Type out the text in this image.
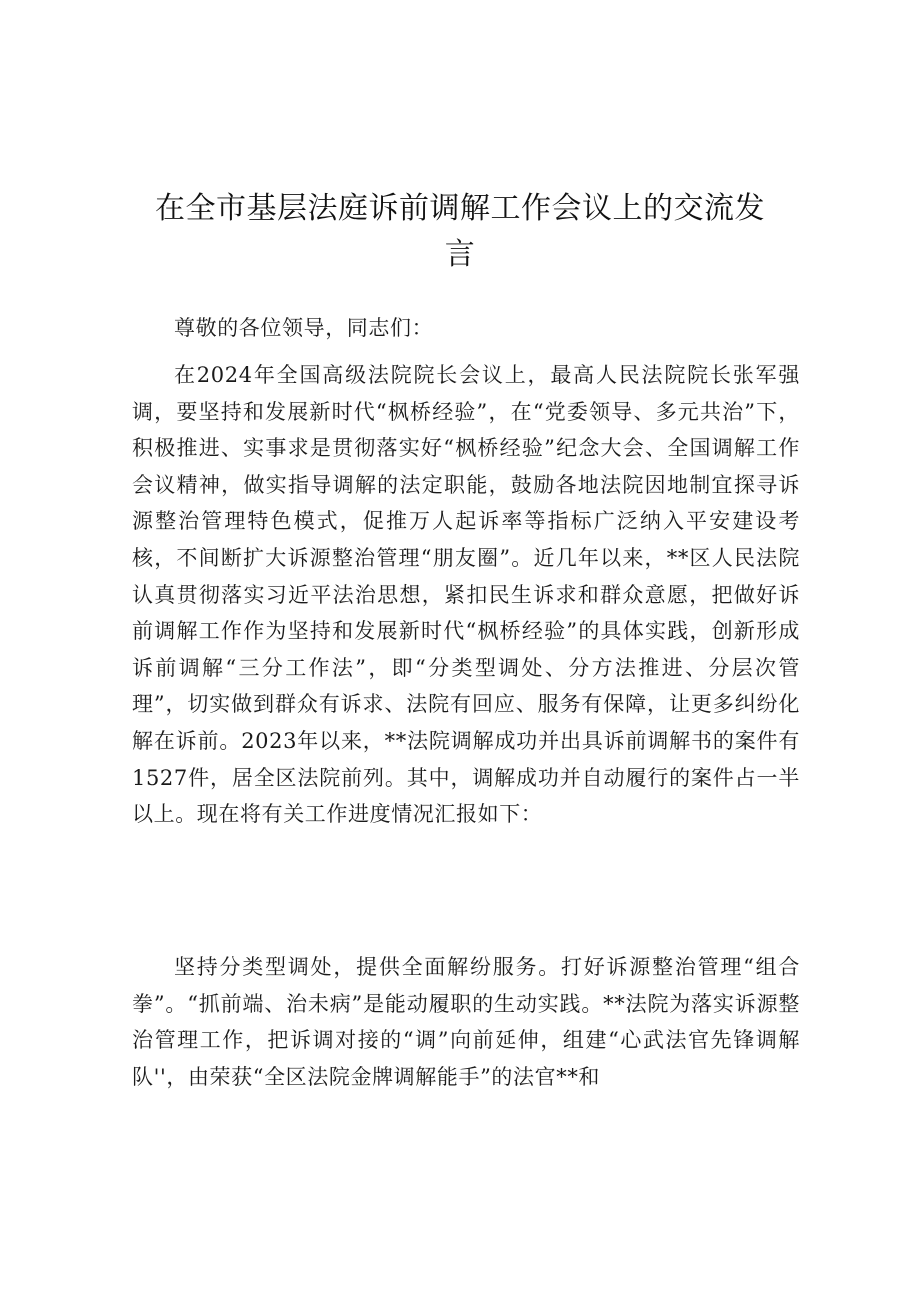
在全市基层法庭诉前调解工作会议上的交流发言

尊敬的各位领导，同志们：

在2024年全国高级法院院长会议上，最高人民法院院长张军强调，要坚持和发展新时代“枫桥经验”，在“党委领导、多元共治”下，积极推进、实事求是贯彻落实好“枫桥经验”纪念大会、全国调解工作会议精神，做实指导调解的法定职能，鼓励各地法院因地制宜探寻诉源整治管理特色模式，促推万人起诉率等指标广泛纳入平安建设考核，不间断扩大诉源整治管理“朋友圈”。近几年以来，**区人民法院认真贯彻落实习近平法治思想，紧扣民生诉求和群众意愿，把做好诉前调解工作作为坚持和发展新时代“枫桥经验”的具体实践，创新形成诉前调解“三分工作法”，即“分类型调处、分方法推进、分层次管理”，切实做到群众有诉求、法院有回应、服务有保障，让更多纠纷化解在诉前。2023年以来，**法院调解成功并出具诉前调解书的案件有1527件，居全区法院前列。其中，调解成功并自动履行的案件占一半以上。现在将有关工作进度情况汇报如下：

坚持分类型调处，提供全面解纷服务。打好诉源整治管理“组合拳”。“抓前端、治未病”是能动履职的生动实践。**法院为落实诉源整治管理工作，把诉调对接的“调”向前延伸，组建“心武法官先锋调解队''，由荣获“全区法院金牌调解能手”的法官**和
